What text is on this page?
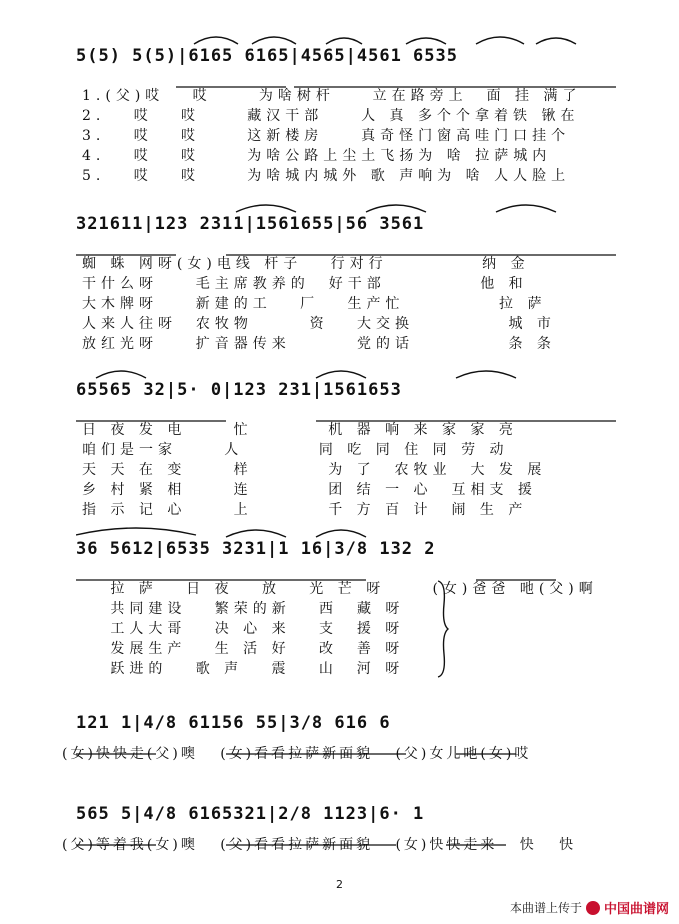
5(5) 5(5)|6165 6165|4565|4561 6535
1.(父)哎   哎     为啥树杆    立在路旁上  面 挂 满了
2.   哎   哎     藏汉干部    人 真 多个个拿着铁 锹在
3.   哎   哎     这新楼房    真奇怪门窗高哇门口挂个
4.   哎   哎     为啥公路上尘土飞扬为 啥 拉萨城内
5.   哎   哎     为啥城内城外 歌 声响为 啥 人人脸上
321611|123 2311|1561655|56 3561
蜘 蛛 网呀(女)电线 杆子   行对行          纳 金
干什么呀    毛主席教养的  好干部          他 和
大木牌呀    新建的工   厂   生产忙          拉 萨
人来人往呀  农牧物      资   大交换          城 市
放红光呀    扩音器传来       党的话          条 条
65565 32|5· 0|123 231|1561653
日 夜 发 电     忙        机 器 响 来 家 家 亮
咱们是一家     人        同 吃 同 住 同 劳 动
天 天 在 变     样        为 了  农牧业  大 发 展
乡 村 紧 相     连        团 结 一 心  互相支 援
指 示 记 心     上        千 方 百 计  闹 生 产
36 5612|6535 3231|1 16|3/8 132 2
拉 萨   日 夜   放   光 芒 呀     (女)爸爸 吔(父)啊
共同建设   繁荣的新   西  藏 呀
工人大哥   决 心 来   支  援 呀
发展生产   生 活 好   改  善 呀
跃进的   歌 声   震   山  河 呀
121 1|4/8 61156 55|3/8 616 6
(女)快快走(父)噢   (女)看看拉萨新面貌   (父)女儿吔(女)哎
565 5|4/8 6165321|2/8 1123|6· 1
(父)等着我(女)噢   (父)看看拉萨新面貌   (女)快快走来   快   快
2
本曲谱上传于 中国曲谱网
